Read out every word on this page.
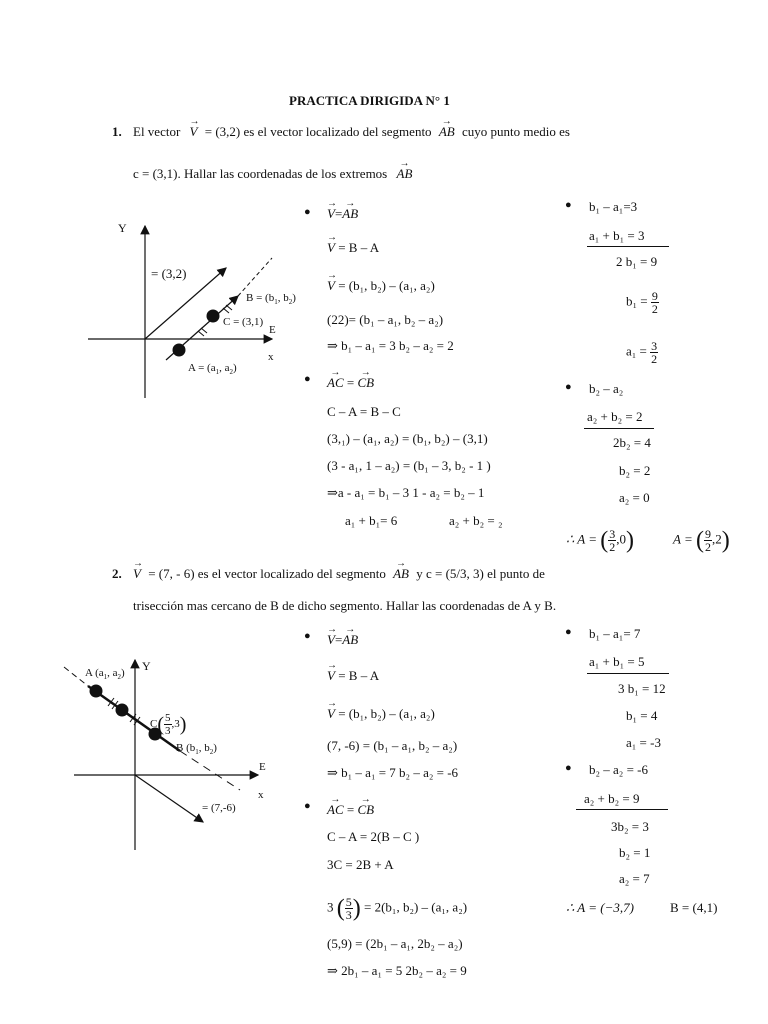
PRACTICA DIRIGIDA N° 1
1. El vector → V = (3,2) es el vector localizado del segmento → AB cuyo punto medio es
c = (3,1). Hallar las coordenadas de los extremos → AB
Y
x
E
= (3,2)
$B = (b_1$, $b_2$)
C = (3,1)
$A = (a_1$, $a_2$)
● → V=→ AB
→ V = B – A
→ V = (b₁, b₂) – (a₁, a₂)
(22)= (b₁ – a₁, b₂ – a₂)
⇒ b₁ – a₁ = 3 b₂ – a₂ = 2
● → AC = → CB
C – A = B – C
(3,₁) – (a₁, a₂) = (b₁, b₂) – (3,1)
(3 - a₁, 1 – a₂) = (b₁ – 3, b₂ - 1 )
⇒a - a₁ = b₁ – 3 1 - a₂ = b₂ – 1
a₁ + b₁= 6	a₂ + b₂ = ₂
● b₁ – a₁=3
a₁ + b₁ = 3
2 b₁ = 9
$b_1 = \frac{9}{2}$
$a_1 = \frac{3}{2}$
● b₂ – a₂
a₂ + b₂ = 2
2b₂ = 4
b₂ = 2
a₂ = 0
∴ A = ( $\frac{3}{2} ,0$)	A = ( $\frac{9}{2} ,2$)
2. → V = (7, - 6) es el vector localizado del segmento → AB y c = (5/3, 3) el punto de
trisección mas cercano de B de dicho segmento. Hallar las coordenadas de A y B.
Y
x
E
A ($a_1$, $a_2$)
$C( \frac{5}{3} ,3)$
B ($b_1$, $b_2$)
= (7,-6)
● → V=→ AB
→ V = B – A
→ V = (b₁, b₂) – (a₁, a₂)
(7, -6) = (b₁ – a₁, b₂ – a₂)
⇒ b₁ – a₁ = 7 b₂ – a₂ = -6
● → AC = → CB
C – A = 2(B – C )
3C = 2B + A
3 ( $\frac{5}{3}$ ) = 2(b₁, b₂) – (a₁, a₂)
(5,9) = (2b₁ – a₁, 2b₂ – a₂)
⇒ 2b₁ – a₁ = 5 2b₂ – a₂ = 9
● b₁ – a₁= 7
a₁ + b₁ = 5
3 b₁ = 12
b₁ = 4
a₁ = -3
● b₂ – a₂ = -6
a₂ + b₂ = 9
3b₂ = 3
b₂ = 1
a₂ = 7
∴ A = (−3,7)	B = (4,1)
